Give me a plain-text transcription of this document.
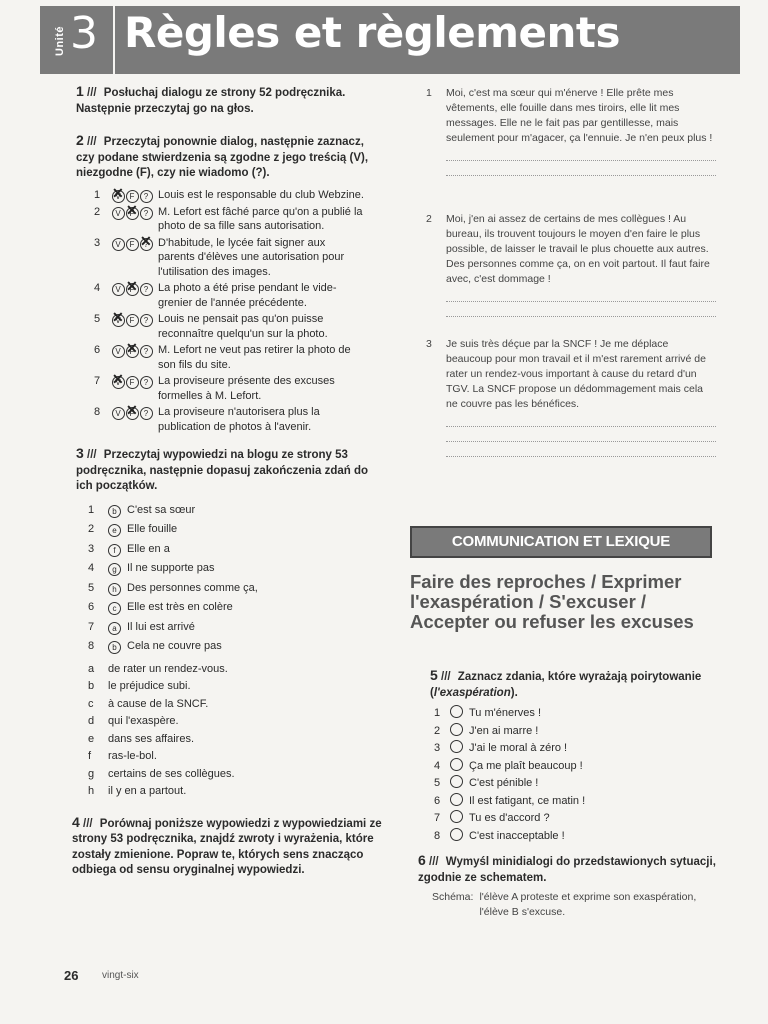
Unité 3 Règles et règlements
1 /// Posłuchaj dialogu ze strony 52 podręcznika. Następnie przeczytaj go na głos.
2 /// Przeczytaj ponownie dialog, następnie zaznacz, czy podane stwierdzenia są zgodne z jego treścią (V), niezgodne (F), czy nie wiadomo (?).
1 V ✕ F ? Louis est le responsable du club Webzine.
2 V F ✕ ? M. Lefort est fâché parce qu'on a publié la photo de sa fille sans autorisation.
3 V F ? ✕ D'habitude, le lycée fait signer aux parents d'élèves une autorisation pour l'utilisation des images.
4 V F ✕ ? La photo a été prise pendant le vide-grenier de l'année précédente.
5 V ✕ F ? Louis ne pensait pas qu'on puisse reconnaître quelqu'un sur la photo.
6 V F ✕ ? M. Lefort ne veut pas retirer la photo de son fils du site.
7 V ✕ F ? La proviseure présente des excuses formelles à M. Lefort.
8 V F ✕ ? La proviseure n'autorisera plus la publication de photos à l'avenir.
3 /// Przeczytaj wypowiedzi na blogu ze strony 53 podręcznika, następnie dopasuj zakończenia zdań do ich początków.
1 b C'est sa sœur
2 e Elle fouille
3 f Elle en a
4 g Il ne supporte pas
5 h Des personnes comme ça,
6 c Elle est très en colère
7 a Il lui est arrivé
8 b Cela ne couvre pas
a de rater un rendez-vous.
b le préjudice subi.
c à cause de la SNCF.
d qui l'exaspère.
e dans ses affaires.
f ras-le-bol.
g certains de ses collègues.
h il y en a partout.
4 /// Porównaj poniższe wypowiedzi z wypowiedziami ze strony 53 podręcznika, znajdź zwroty i wyrażenia, które zostały zmienione. Popraw te, których sens znacząco odbiega od sensu oryginalnej wypowiedzi.
1 Moi, c'est ma sœur qui m'énerve ! Elle prête mes vêtements, elle fouille dans mes tiroirs, elle lit mes messages. Elle ne le fait pas par gentillesse, mais seulement pour m'agacer, ça l'ennuie. Je n'en peux plus !
2 Moi, j'en ai assez de certains de mes collègues ! Au bureau, ils trouvent toujours le moyen d'en faire le plus possible, de laisser le travail le plus chouette aux autres. Des personnes comme ça, on en voit partout. Il faut faire avec, c'est dommage !
3 Je suis très déçue par la SNCF ! Je me déplace beaucoup pour mon travail et il m'est rarement arrivé de rater un rendez-vous important à cause du retard d'un TGV. La SNCF propose un dédommagement mais cela ne couvre pas les bénéfices.
COMMUNICATION ET LEXIQUE
Faire des reproches / Exprimer l'exaspération / S'excuser / Accepter ou refuser les excuses
5 /// Zaznacz zdania, które wyrażają poirytowanie (l'exaspération).
1	Tu m'énerves !
2	J'en ai marre !
3	J'ai le moral à zéro !
4	Ça me plaît beaucoup !
5	C'est pénible !
6	Il est fatigant, ce matin !
7	Tu es d'accord ?
8	C'est inacceptable !
6 /// Wymyśl minidialogi do przedstawionych sytuacji, zgodnie ze schematem.
Schéma: l'élève A proteste et exprime son exaspération, l'élève B s'excuse.
26 vingt-six
